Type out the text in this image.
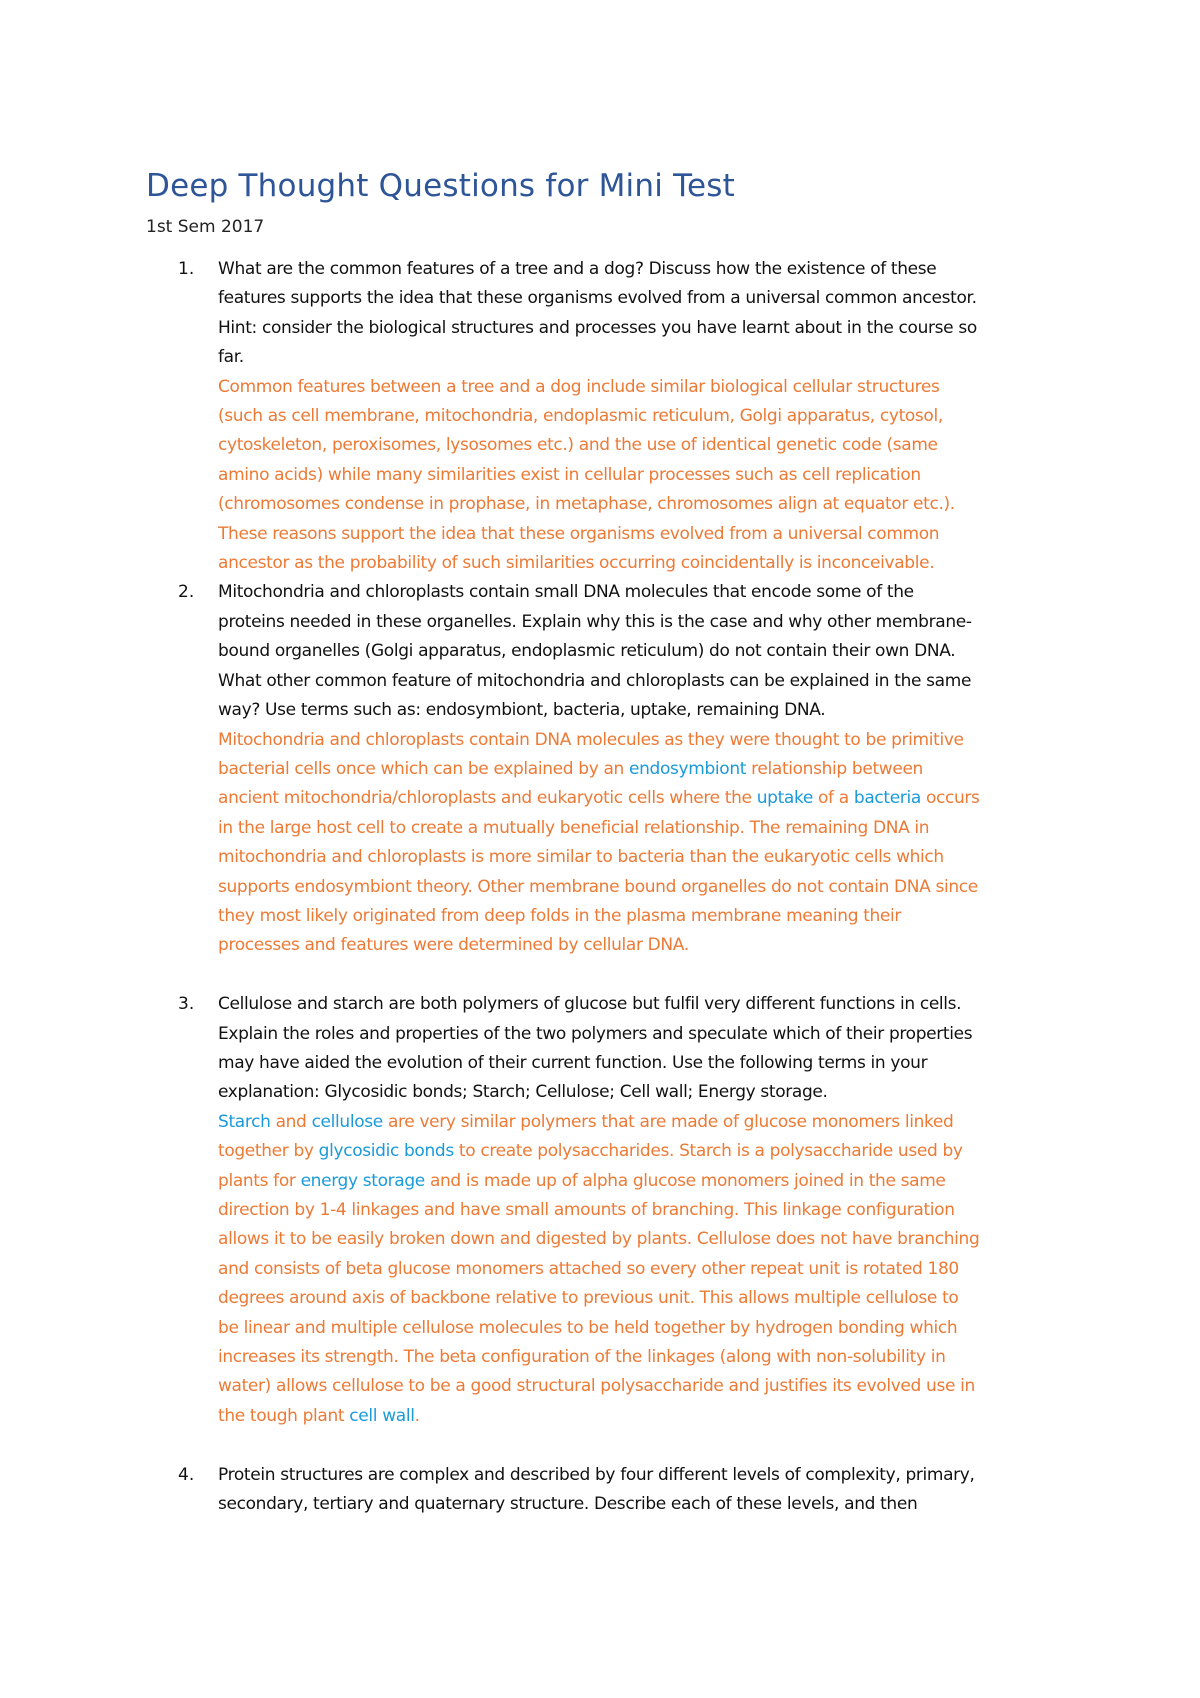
Deep Thought Questions for Mini Test
1st Sem 2017
1. What are the common features of a tree and a dog? Discuss how the existence of these

features supports the idea that these organisms evolved from a universal common ancestor.

Hint: consider the biological structures and processes you have learnt about in the course so

far.

Common features between a tree and a dog include similar biological cellular structures

(such as cell membrane, mitochondria, endoplasmic reticulum, Golgi apparatus, cytosol,

cytoskeleton, peroxisomes, lysosomes etc.) and the use of identical genetic code (same

amino acids) while many similarities exist in cellular processes such as cell replication

(chromosomes condense in prophase, in metaphase, chromosomes align at equator etc.).

These reasons support the idea that these organisms evolved from a universal common

ancestor as the probability of such similarities occurring coincidentally is inconceivable.

2. Mitochondria and chloroplasts contain small DNA molecules that encode some of the

proteins needed in these organelles. Explain why this is the case and why other membrane-

bound organelles (Golgi apparatus, endoplasmic reticulum) do not contain their own DNA.

What other common feature of mitochondria and chloroplasts can be explained in the same

way? Use terms such as: endosymbiont, bacteria, uptake, remaining DNA.

Mitochondria and chloroplasts contain DNA molecules as they were thought to be primitive

bacterial cells once which can be explained by an endosymbiont relationship between

ancient mitochondria/chloroplasts and eukaryotic cells where the uptake of a bacteria occurs

in the large host cell to create a mutually beneficial relationship. The remaining DNA in

mitochondria and chloroplasts is more similar to bacteria than the eukaryotic cells which

supports endosymbiont theory. Other membrane bound organelles do not contain DNA since

they most likely originated from deep folds in the plasma membrane meaning their

processes and features were determined by cellular DNA.

3. Cellulose and starch are both polymers of glucose but fulfil very different functions in cells.

Explain the roles and properties of the two polymers and speculate which of their properties

may have aided the evolution of their current function. Use the following terms in your

explanation: Glycosidic bonds; Starch; Cellulose; Cell wall; Energy storage.

Starch and cellulose are very similar polymers that are made of glucose monomers linked

together by glycosidic bonds to create polysaccharides. Starch is a polysaccharide used by

plants for energy storage and is made up of alpha glucose monomers joined in the same

direction by 1-4 linkages and have small amounts of branching. This linkage configuration

allows it to be easily broken down and digested by plants. Cellulose does not have branching

and consists of beta glucose monomers attached so every other repeat unit is rotated 180

degrees around axis of backbone relative to previous unit. This allows multiple cellulose to

be linear and multiple cellulose molecules to be held together by hydrogen bonding which

increases its strength. The beta configuration of the linkages (along with non-solubility in

water) allows cellulose to be a good structural polysaccharide and justifies its evolved use in

the tough plant cell wall.

4. Protein structures are complex and described by four different levels of complexity, primary,

secondary, tertiary and quaternary structure. Describe each of these levels, and then
